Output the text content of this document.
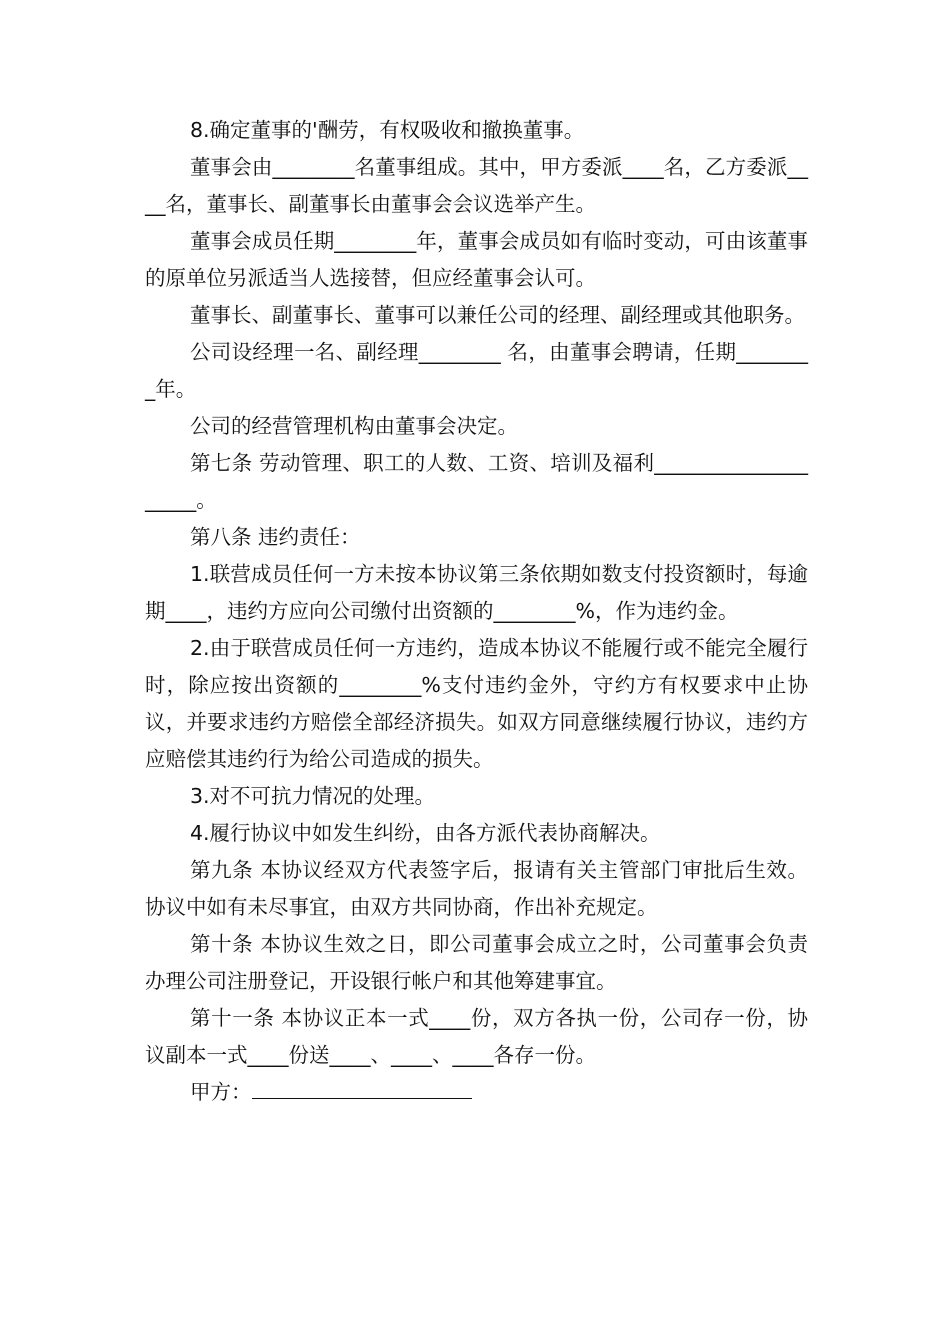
8.确定董事的'酬劳，有权吸收和撤换董事。

董事会由________名董事组成。其中，甲方委派____名，乙方委派____名，董事长、副董事长由董事会会议选举产生。

董事会成员任期________年，董事会成员如有临时变动，可由该董事的原单位另派适当人选接替，但应经董事会认可。

董事长、副董事长、董事可以兼任公司的经理、副经理或其他职务。

公司设经理一名、副经理________ 名，由董事会聘请，任期________年。

公司的经营管理机构由董事会决定。

第七条 劳动管理、职工的人数、工资、培训及福利____________________。

第八条 违约责任：

1.联营成员任何一方未按本协议第三条依期如数支付投资额时，每逾期____，违约方应向公司缴付出资额的________%，作为违约金。

2.由于联营成员任何一方违约，造成本协议不能履行或不能完全履行时，除应按出资额的________%支付违约金外，守约方有权要求中止协议，并要求违约方赔偿全部经济损失。如双方同意继续履行协议，违约方应赔偿其违约行为给公司造成的损失。

3.对不可抗力情况的处理。

4.履行协议中如发生纠纷，由各方派代表协商解决。

第九条 本协议经双方代表签字后，报请有关主管部门审批后生效。协议中如有未尽事宜，由双方共同协商，作出补充规定。

第十条 本协议生效之日，即公司董事会成立之时，公司董事会负责办理公司注册登记，开设银行帐户和其他筹建事宜。

第十一条 本协议正本一式____份，双方各执一份，公司存一份，协议副本一式____份送____、____、____各存一份。

甲方：
